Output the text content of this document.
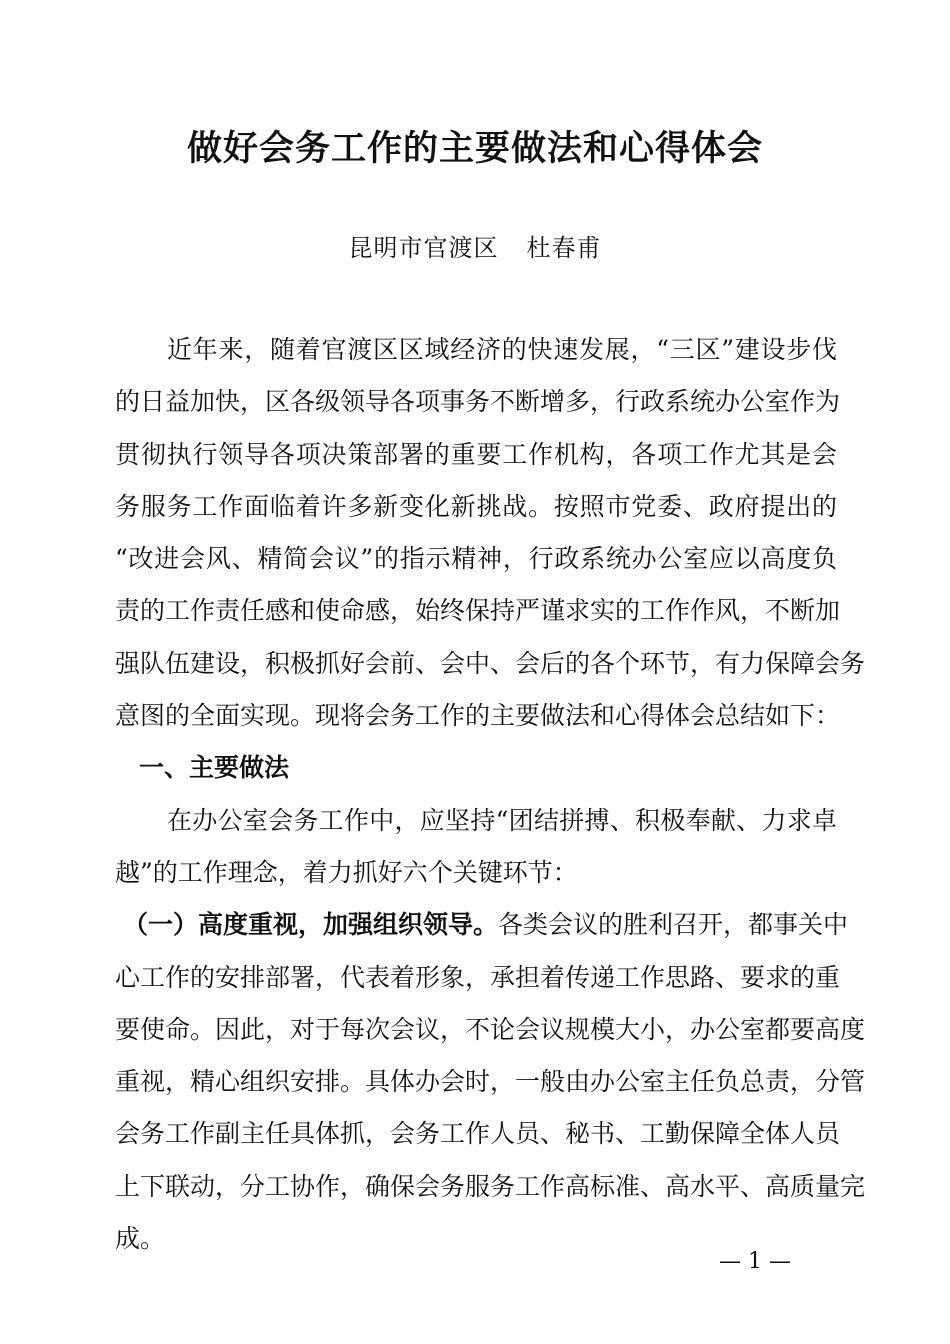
做好会务工作的主要做法和心得体会
昆明市官渡区 杜春甫
近年来，随着官渡区区域经济的快速发展，“三区”建设步伐
的日益加快，区各级领导各项事务不断增多，行政系统办公室作为
贯彻执行领导各项决策部署的重要工作机构，各项工作尤其是会
务服务工作面临着许多新变化新挑战。按照市党委、政府提出的
“改进会风、精简会议”的指示精神，行政系统办公室应以高度负
责的工作责任感和使命感，始终保持严谨求实的工作作风，不断加
强队伍建设，积极抓好会前、会中、会后的各个环节，有力保障会务
意图的全面实现。现将会务工作的主要做法和心得体会总结如下：
一、主要做法
在办公室会务工作中，应坚持“团结拼搏、积极奉献、力求卓
越”的工作理念，着力抓好六个关键环节：
（一）高度重视，加强组织领导。各类会议的胜利召开，都事关中
心工作的安排部署，代表着形象，承担着传递工作思路、要求的重
要使命。因此，对于每次会议，不论会议规模大小，办公室都要高度
重视，精心组织安排。具体办会时，一般由办公室主任负总责，分管
会务工作副主任具体抓，会务工作人员、秘书、工勤保障全体人员
上下联动，分工协作，确保会务服务工作高标准、高水平、高质量完
成。
— 1 —
